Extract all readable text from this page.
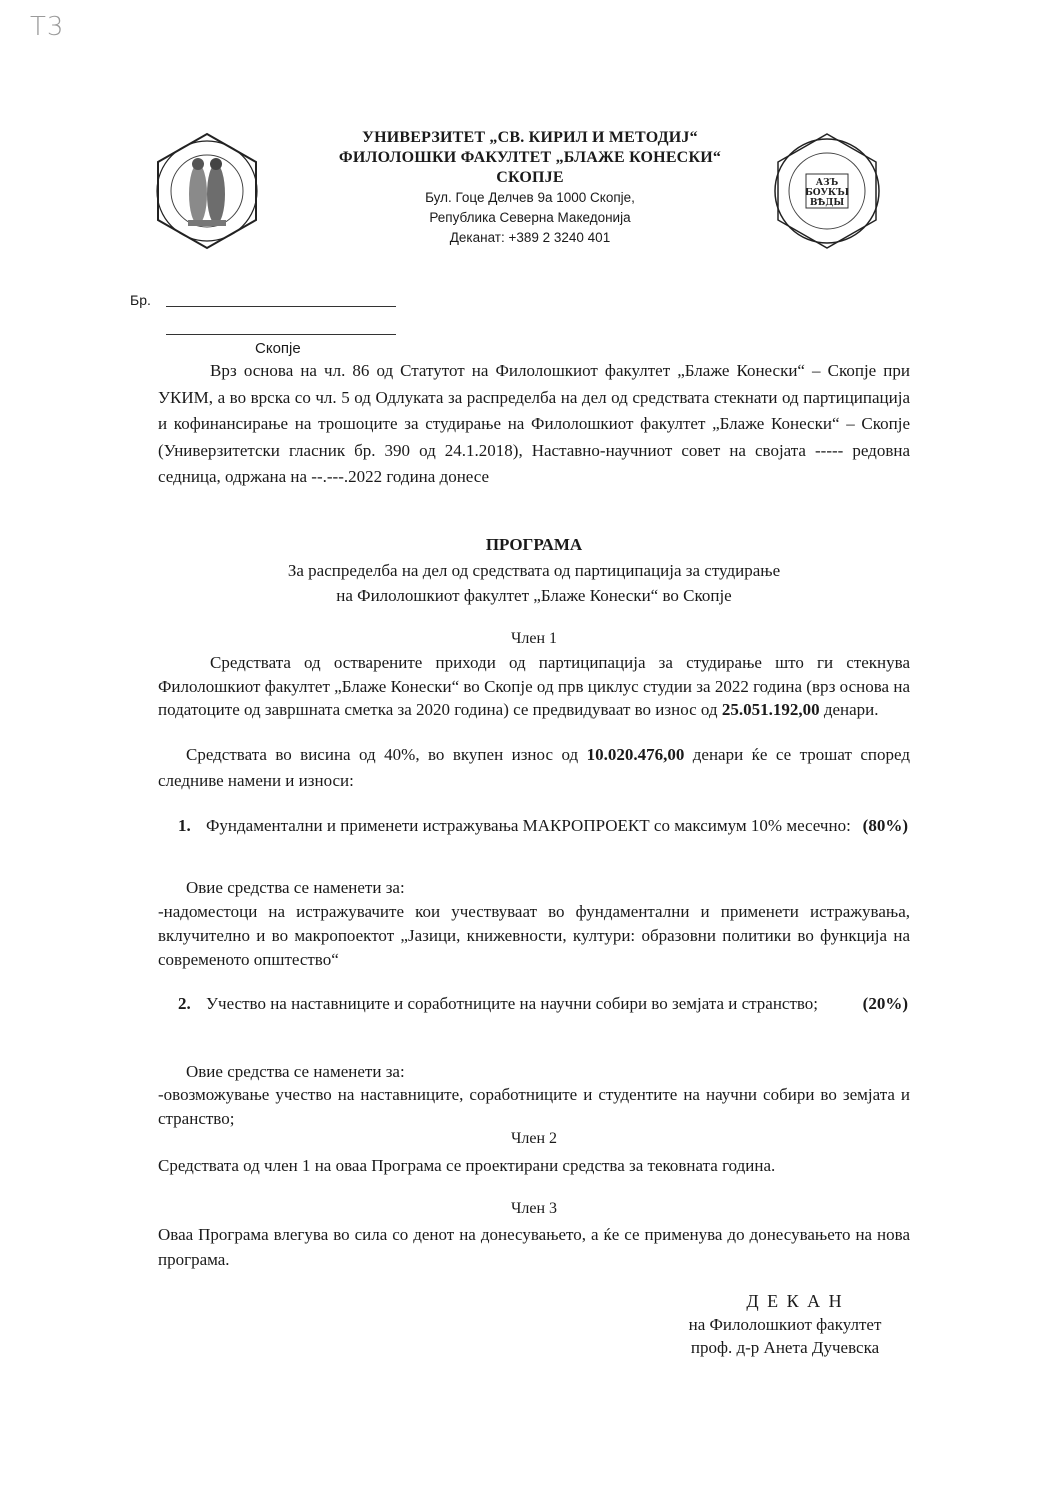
T3
АЗЪ
БОУКЪІ
ВѢДЫ
УНИВЕРЗИТЕТ „СВ. КИРИЛ И МЕТОДИЈ“
ФИЛОЛОШКИ ФАКУЛТЕТ „БЛАЖЕ КОНЕСКИ“
СКОПЈЕ
Бул. Гоце Делчев 9а 1000 Скопје,
Република Северна Македонија
Деканат: +389 2 3240 401
Бр.
Скопје
Врз основа на чл. 86 од Статутот на Филолошкиот факултет „Блаже Конески“ – Скопје при УКИМ, а во врска со чл. 5 од Одлуката за распределба на дел од средствата стекнати од партиципација и кофинансирање на трошоците за студирање на Филолошкиот факултет „Блаже Конески“ – Скопје (Универзитетски гласник бр. 390 од 24.1.2018), Наставно-научниот совет на својата ----- редовна седница, одржана на --.---.2022 година донесе
ПРОГРАМА
За распределба на дел од средствата од партиципација за студирање
на Филолошкиот факултет „Блаже Конески“ во Скопје
Член 1
Средствата од остварените приходи од партиципација за студирање што ги стекнува Филолошкиот факултет „Блаже Конески“ во Скопје од прв циклус студии за 2022 година (врз основа на податоците од завршната сметка за 2020 година) се предвидуваат во износ од 25.051.192,00 денари.
Средствата во висина од 40%, во вкупен износ од 10.020.476,00 денари ќе се трошат според следниве намени и износи:
1. Фундаментални и применети истражувања МАКРОПРОЕКТ со максимум 10% месечно: (80%)
Овие средства се наменети за:
-надоместоци на истражувачите кои учествуваат во фундаментални и применети истражувања, вклучително и во макропоектот „Јазици, книжевности, култури: образовни политики во функција на современото општество“
2. Учество на наставниците и соработниците на научни собири во земјата и странство;	(20%)
Овие средства се наменети за:
-овозможување учество на наставниците, соработниците и студентите на научни собири во земјата и странство;
Член 2
Средствата од член 1 на оваа Програма се проектирани средства за тековната година.
Член 3
Оваа Програма влегува во сила со денот на донесувањето, а ќе се применува до донесувањето на нова програма.
Д Е К А Н
на Филолошкиот факултет
проф. д-р Анета Дучевска
